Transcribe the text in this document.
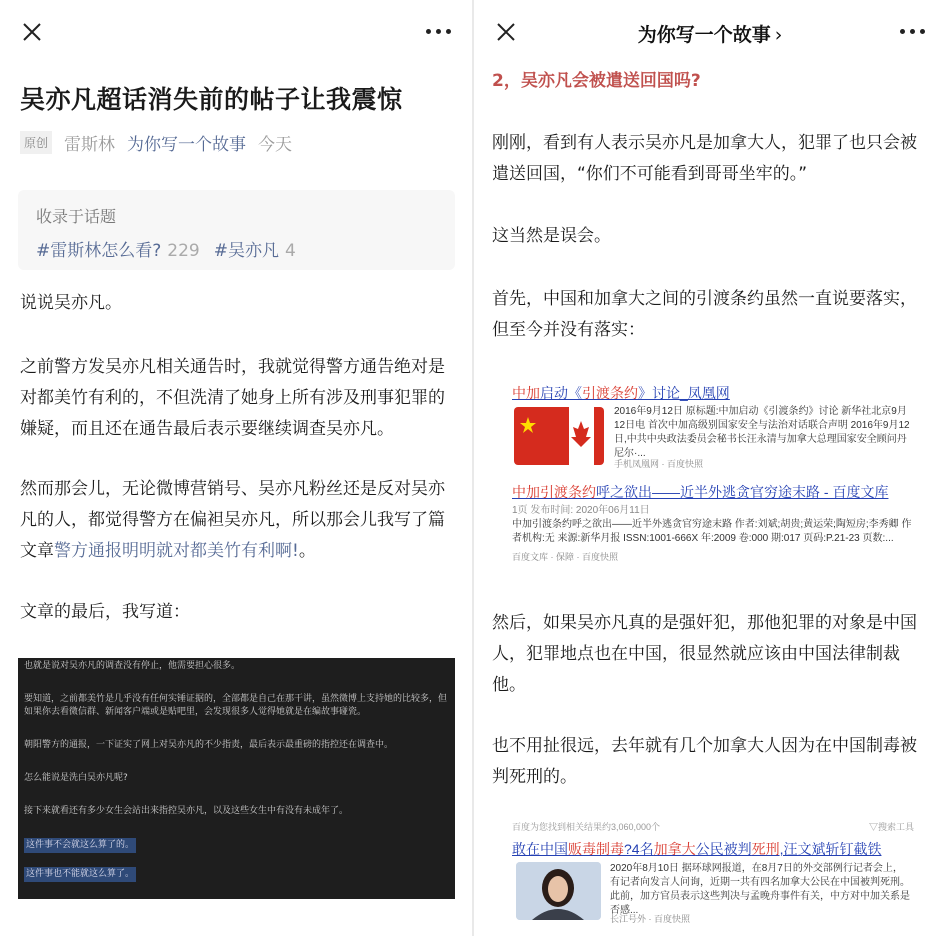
吴亦凡超话消失前的帖子让我震惊
原创 雷斯林 为你写一个故事 今天
收录于话题
#雷斯林怎么看? 229 #吴亦凡 4
说说吴亦凡。
之前警方发吴亦凡相关通告时，我就觉得警方通告绝对是对都美竹有利的，不但洗清了她身上所有涉及刑事犯罪的嫌疑，而且还在通告最后表示要继续调查吴亦凡。
然而那会儿，无论微博营销号、吴亦凡粉丝还是反对吴亦凡的人，都觉得警方在偏袒吴亦凡，所以那会儿我写了篇文章警方通报明明就对都美竹有利啊!。
文章的最后，我写道：

也就是说对吴亦凡的调查没有停止，他需要担心很多。

要知道，之前都美竹是几乎没有任何实锤证据的，全部都是自己在那干讲，虽然微博上支持她的比较多，但如果你去看微信群、新闻客户端或是贴吧里，会发现很多人觉得她就是在编故事碰瓷。

朝阳警方的通报，一下证实了网上对吴亦凡的不少指责，最后表示最重磅的指控还在调查中。

怎么能说是洗白吴亦凡呢?

接下来就看还有多少女生会站出来指控吴亦凡，以及这些女生中有没有未成年了。

这件事不会就这么算了的。
这件事也不能就这么算了。
为你写一个故事 ›
2，吴亦凡会被遣送回国吗?
刚刚，看到有人表示吴亦凡是加拿大人，犯罪了也只会被遣送回国，“你们不可能看到哥哥坐牢的。”
这当然是误会。
首先，中国和加拿大之间的引渡条约虽然一直说要落实，但至今并没有落实：
中加启动《引渡条约》讨论_凤凰网
2016年9月12日 原标题:中加启动《引渡条约》讨论 新华社北京9月12日电 首次中加高级别国家安全与法治对话联合声明 2016年9月12日,中共中央政法委员会秘书长汪永清与加拿大总理国家安全顾问丹尼尔·...
手机凤凰网 · 百度快照
中加引渡条约呼之欲出——近半外逃贪官穷途末路 - 百度文库
1页 发布时间: 2020年06月11日
中加引渡条约呼之欲出——近半外逃贪官穷途末路 作者:刘斌;胡贵;黄运荣;陶短房;李秀卿 作者机构:无 来源:新华月报 ISSN:1001-666X 年:2009 卷:000 期:017 页码:P.21-23 页数:...
百度文库 · 保障 · 百度快照
然后，如果吴亦凡真的是强奸犯，那他犯罪的对象是中国人，犯罪地点也在中国，很显然就应该由中国法律制裁他。
也不用扯很远，去年就有几个加拿大人因为在中国制毒被判死刑的。
百度为您找到相关结果约3,060,000个	▽搜索工具
敢在中国贩毒制毒?4名加拿大公民被判死刑,汪文斌斩钉截铁
2020年8月10日 据环球网报道，在8月7日的外交部例行记者会上，有记者向发言人问询，近期一共有四名加拿大公民在中国被判死刑。此前，加方官员表示这些判决与孟晚舟事件有关，中方对中加关系是否感...
长江号外 · 百度快照
